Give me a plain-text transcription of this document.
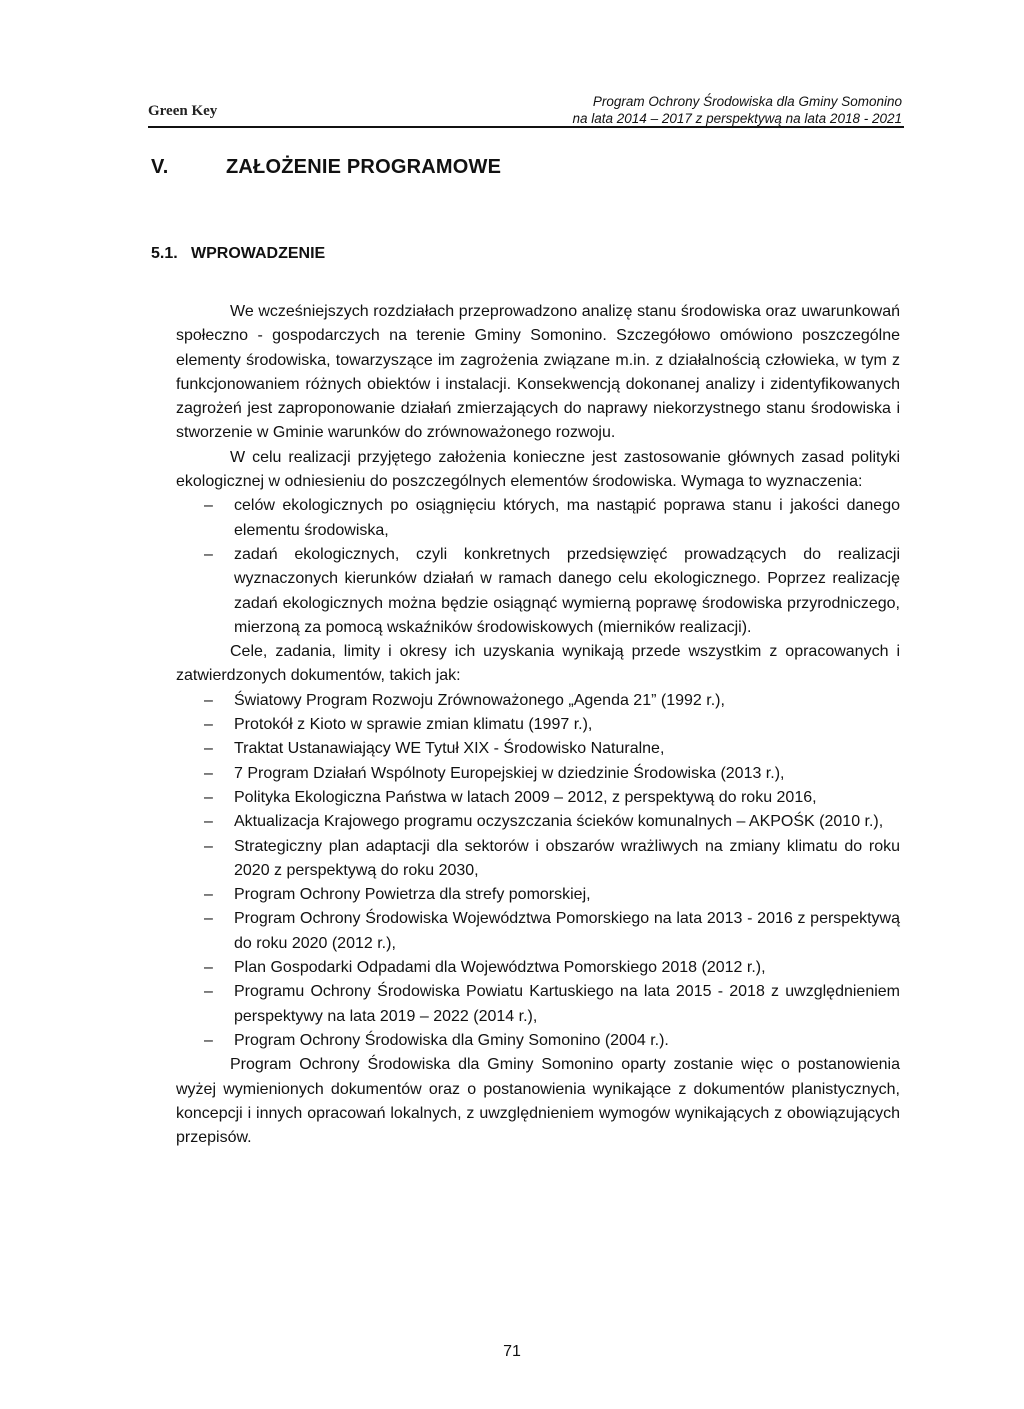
Green Key
Program Ochrony Środowiska dla Gminy Somonino
na lata 2014 – 2017 z perspektywą na lata 2018 - 2021
V.	ZAŁOŻENIE PROGRAMOWE
5.1. WPROWADZENIE

We wcześniejszych rozdziałach przeprowadzono analizę stanu środowiska oraz uwarunkowań społeczno - gospodarczych na terenie Gminy Somonino. Szczegółowo omówiono poszczególne elementy środowiska, towarzyszące im zagrożenia związane m.in. z działalnością człowieka, w tym z funkcjonowaniem różnych obiektów i instalacji. Konsekwencją dokonanej analizy i zidentyfikowanych zagrożeń jest zaproponowanie działań zmierzających do naprawy niekorzystnego stanu środowiska i stworzenie w Gminie warunków do zrównoważonego rozwoju.

W celu realizacji przyjętego założenia konieczne jest zastosowanie głównych zasad polityki ekologicznej w odniesieniu do poszczególnych elementów środowiska. Wymaga to wyznaczenia:

– celów ekologicznych po osiągnięciu których, ma nastąpić poprawa stanu i jakości danego elementu środowiska,
– zadań ekologicznych, czyli konkretnych przedsięwzięć prowadzących do realizacji wyznaczonych kierunków działań w ramach danego celu ekologicznego. Poprzez realizację zadań ekologicznych można będzie osiągnąć wymierną poprawę środowiska przyrodniczego, mierzoną za pomocą wskaźników środowiskowych (mierników realizacji).

Cele, zadania, limity i okresy ich uzyskania wynikają przede wszystkim z opracowanych i zatwierdzonych dokumentów, takich jak:

– Światowy Program Rozwoju Zrównoważonego „Agenda 21” (1992 r.),
– Protokół z Kioto w sprawie zmian klimatu (1997 r.),
– Traktat Ustanawiający WE Tytuł XIX - Środowisko Naturalne,
– 7 Program Działań Wspólnoty Europejskiej w dziedzinie Środowiska (2013 r.),
– Polityka Ekologiczna Państwa w latach 2009 – 2012, z perspektywą do roku 2016,
– Aktualizacja Krajowego programu oczyszczania ścieków komunalnych – AKPOŚK (2010 r.),
– Strategiczny plan adaptacji dla sektorów i obszarów wrażliwych na zmiany klimatu do roku 2020 z perspektywą do roku 2030,
– Program Ochrony Powietrza dla strefy pomorskiej,
– Program Ochrony Środowiska Województwa Pomorskiego na lata 2013 - 2016 z perspektywą do roku 2020 (2012 r.),
– Plan Gospodarki Odpadami dla Województwa Pomorskiego 2018 (2012 r.),
– Programu Ochrony Środowiska Powiatu Kartuskiego na lata 2015 - 2018 z uwzględnieniem perspektywy na lata 2019 – 2022 (2014 r.),
– Program Ochrony Środowiska dla Gminy Somonino (2004 r.).

Program Ochrony Środowiska dla Gminy Somonino oparty zostanie więc o postanowienia wyżej wymienionych dokumentów oraz o postanowienia wynikające z dokumentów planistycznych, koncepcji i innych opracowań lokalnych, z uwzględnieniem wymogów wynikających z obowiązujących przepisów.

71
